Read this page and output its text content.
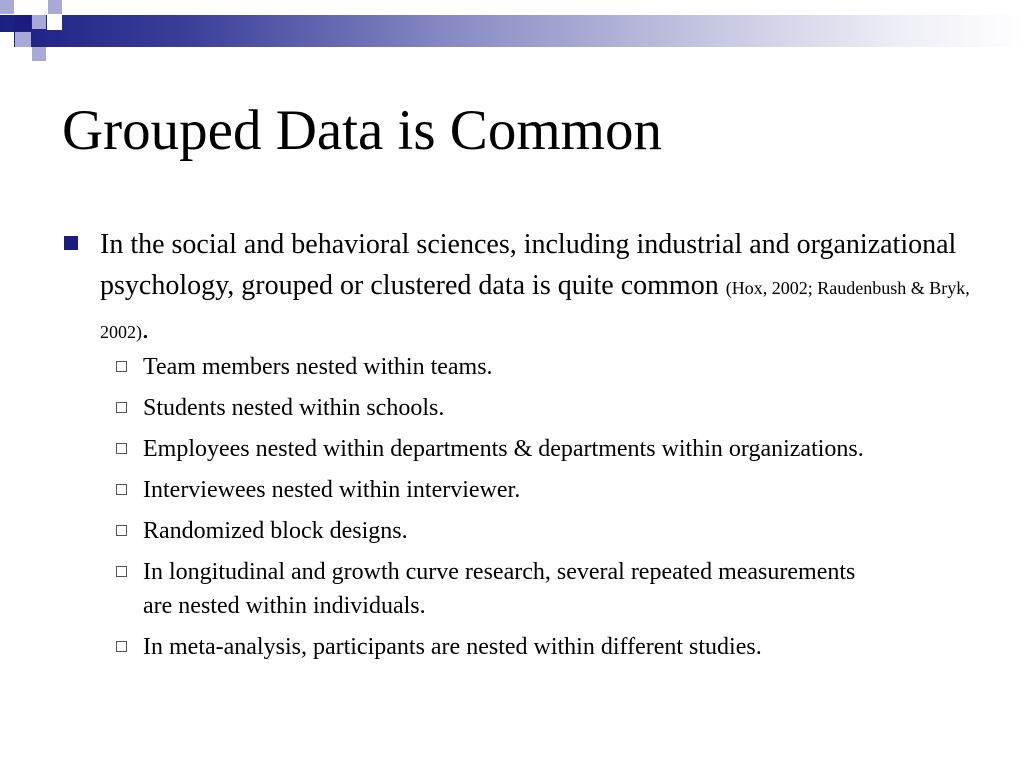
Grouped Data is Common

In the social and behavioral sciences, including industrial and organizational psychology, grouped or clustered data is quite common (Hox, 2002; Raudenbush & Bryk, 2002).

Team members nested within teams.
Students nested within schools.
Employees nested within departments & departments within organizations.
Interviewees nested within interviewer.
Randomized block designs.
In longitudinal and growth curve research, several repeated measurements are nested within individuals.
In meta-analysis, participants are nested within different studies.
